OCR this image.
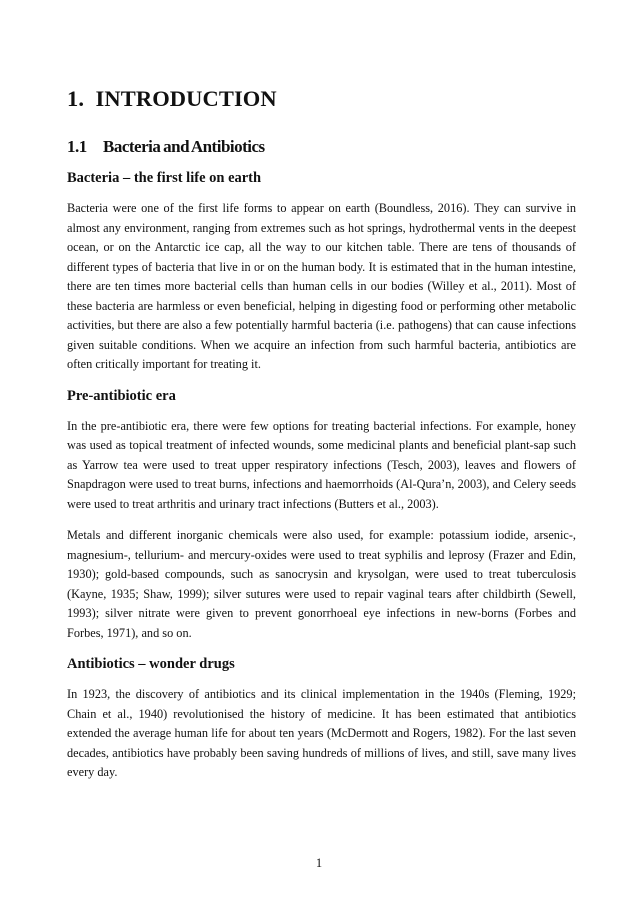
1. INTRODUCTION
1.1 Bacteria and Antibiotics
Bacteria – the first life on earth

Bacteria were one of the first life forms to appear on earth (Boundless, 2016). They can survive in almost any environment, ranging from extremes such as hot springs, hydrothermal vents in the deepest ocean, or on the Antarctic ice cap, all the way to our kitchen table. There are tens of thousands of different types of bacteria that live in or on the human body. It is estimated that in the human intestine, there are ten times more bacterial cells than human cells in our bodies (Willey et al., 2011). Most of these bacteria are harmless or even beneficial, helping in digesting food or performing other metabolic activities, but there are also a few potentially harmful bacteria (i.e. pathogens) that can cause infections given suitable conditions. When we acquire an infection from such harmful bacteria, antibiotics are often critically important for treating it.

Pre-antibiotic era

In the pre-antibiotic era, there were few options for treating bacterial infections. For example, honey was used as topical treatment of infected wounds, some medicinal plants and beneficial plant-sap such as Yarrow tea were used to treat upper respiratory infections (Tesch, 2003), leaves and flowers of Snapdragon were used to treat burns, infections and haemorrhoids (Al-Qura’n, 2003), and Celery seeds were used to treat arthritis and urinary tract infections (Butters et al., 2003).

Metals and different inorganic chemicals were also used, for example: potassium iodide, arsenic-, magnesium-, tellurium- and mercury-oxides were used to treat syphilis and leprosy (Frazer and Edin, 1930); gold-based compounds, such as sanocrysin and krysolgan, were used to treat tuberculosis (Kayne, 1935; Shaw, 1999); silver sutures were used to repair vaginal tears after childbirth (Sewell, 1993); silver nitrate were given to prevent gonorrhoeal eye infections in new-borns (Forbes and Forbes, 1971), and so on.

Antibiotics – wonder drugs

In 1923, the discovery of antibiotics and its clinical implementation in the 1940s (Fleming, 1929; Chain et al., 1940) revolutionised the history of medicine. It has been estimated that antibiotics extended the average human life for about ten years (McDermott and Rogers, 1982). For the last seven decades, antibiotics have probably been saving hundreds of millions of lives, and still, save many lives every day.

1
